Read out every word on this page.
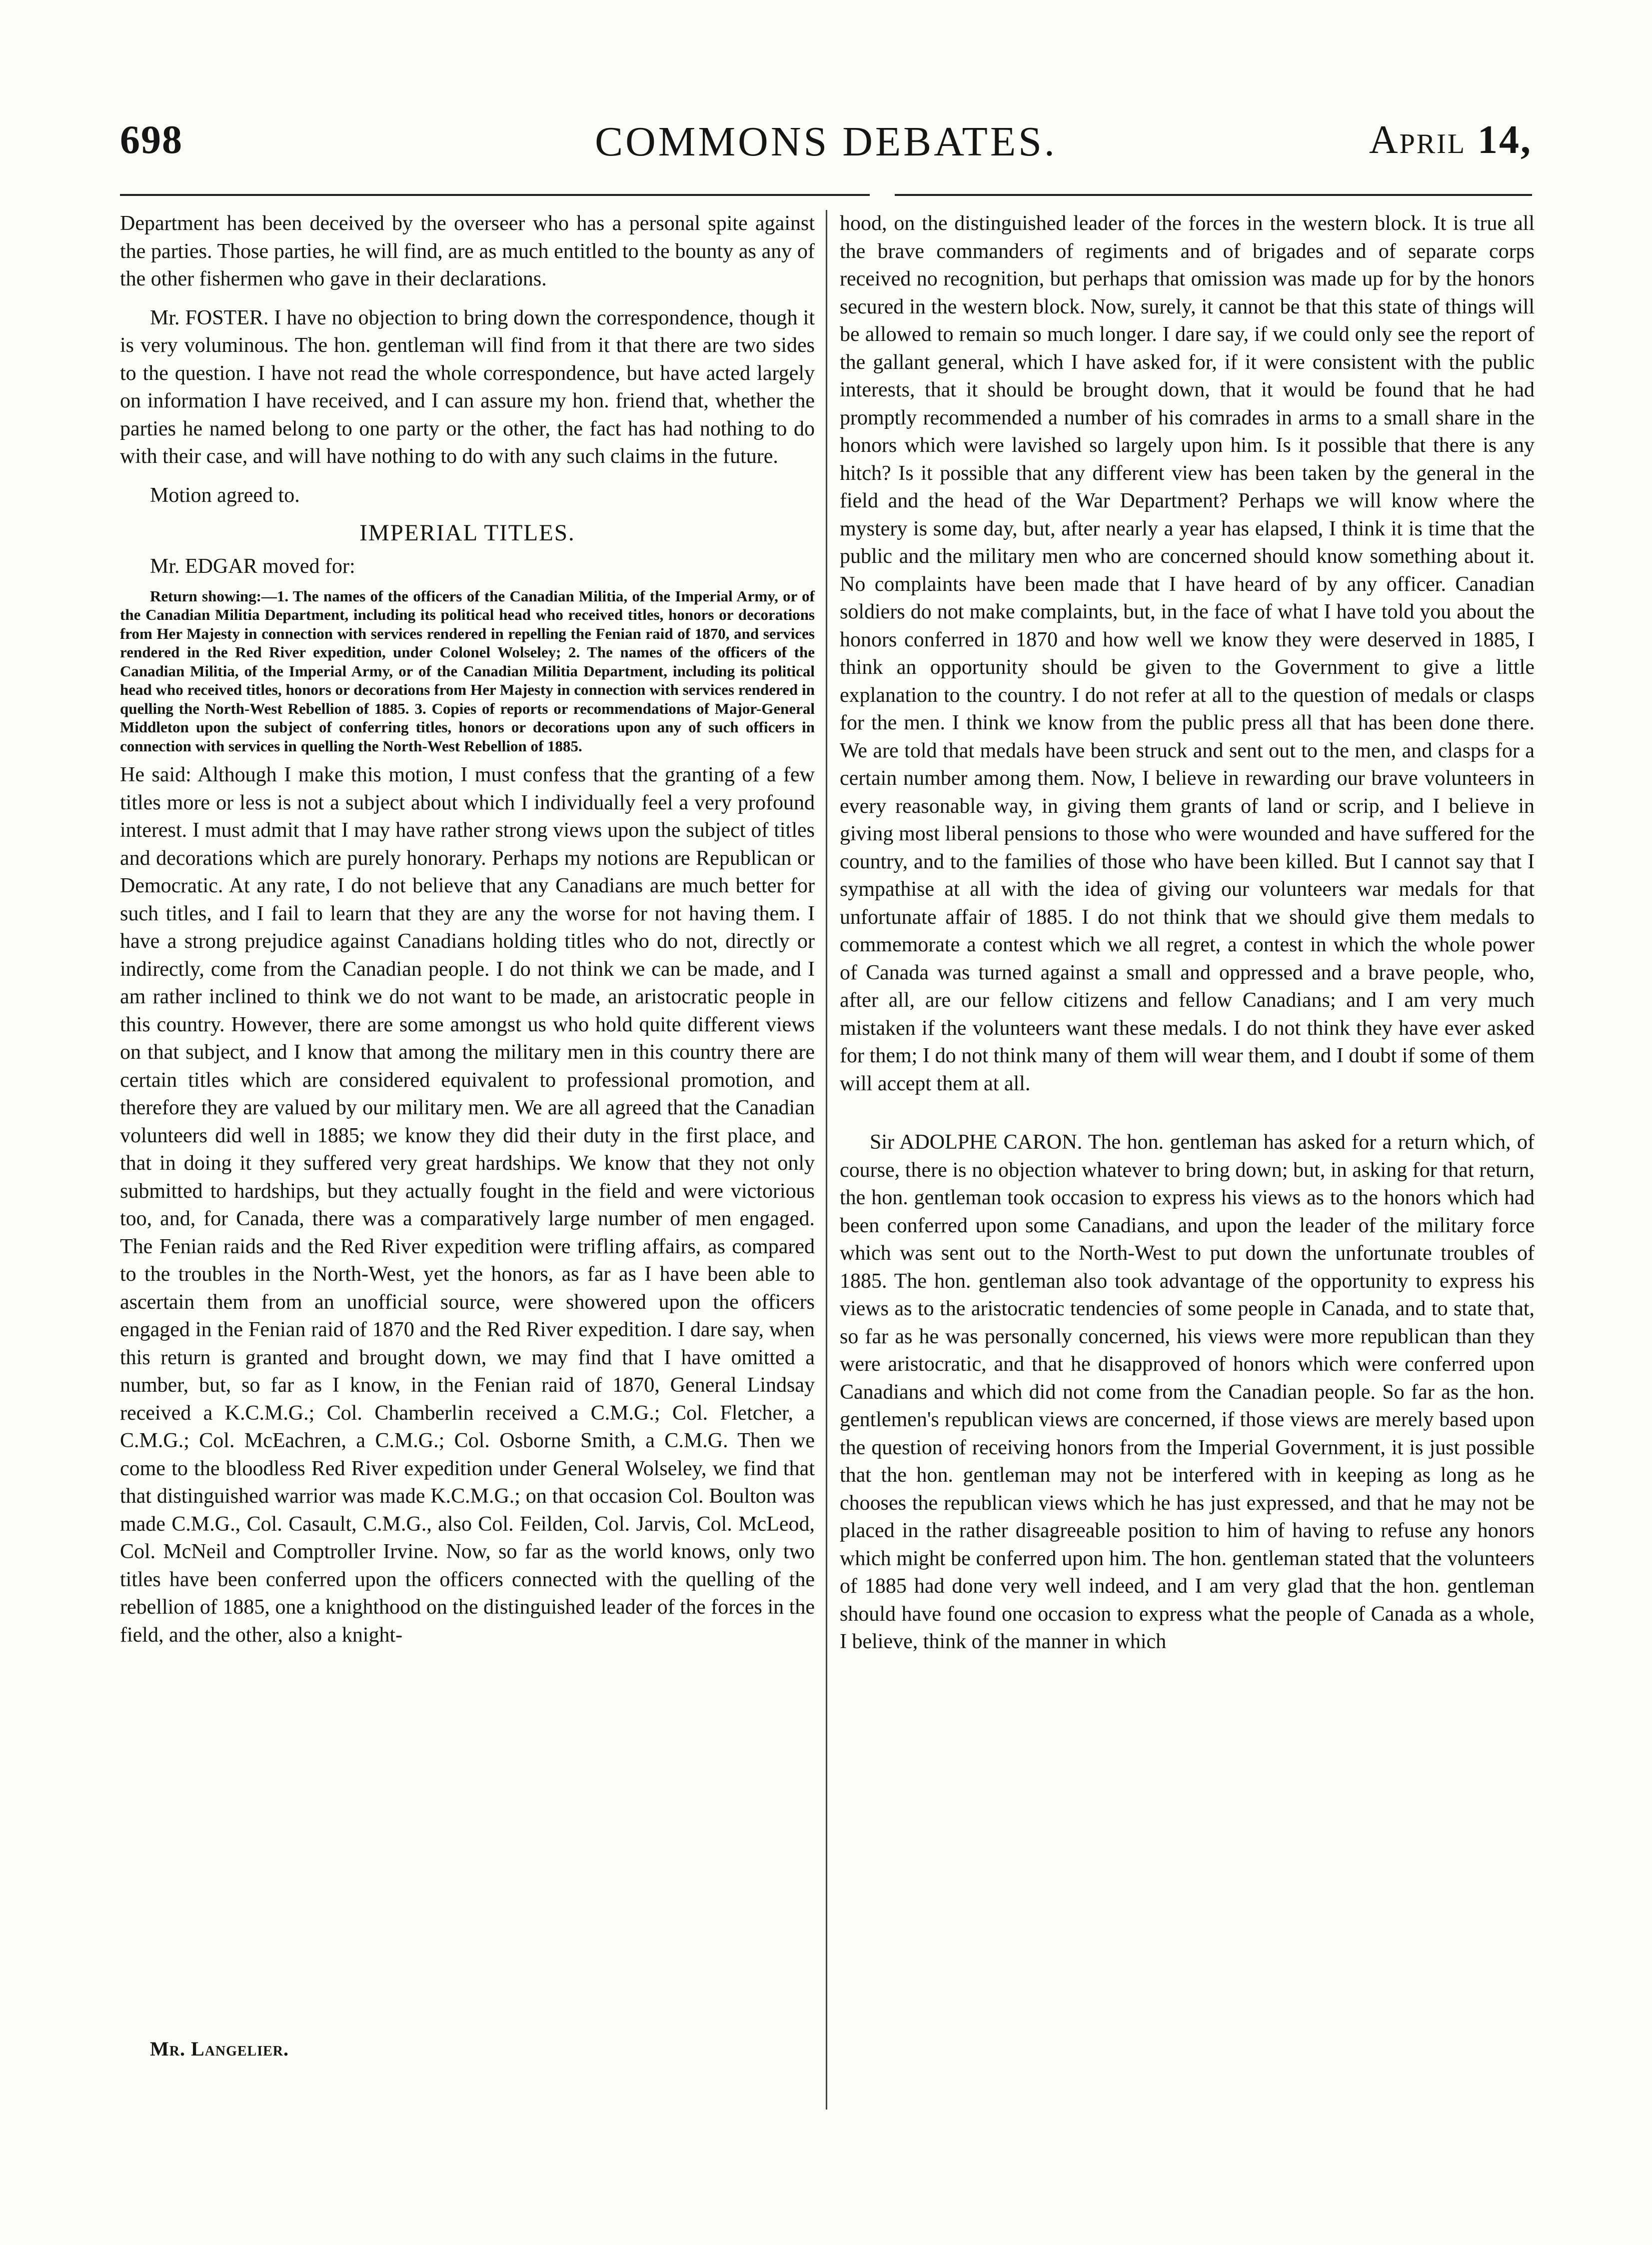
698	COMMONS DEBATES.	April 14,

Department has been deceived by the overseer who has a personal spite against the parties. Those parties, he will find, are as much entitled to the bounty as any of the other fishermen who gave in their declarations.

Mr. FOSTER. I have no objection to bring down the correspondence, though it is very voluminous. The hon. gentleman will find from it that there are two sides to the question. I have not read the whole correspondence, but have acted largely on information I have received, and I can assure my hon. friend that, whether the parties he named belong to one party or the other, the fact has had nothing to do with their case, and will have nothing to do with any such claims in the future.

Motion agreed to.

IMPERIAL TITLES.

Mr. EDGAR moved for:

Return showing:—1. The names of the officers of the Canadian Militia, of the Imperial Army, or of the Canadian Militia Department, including its political head who received titles, honors or decorations from Her Majesty in connection with services rendered in repelling the Fenian raid of 1870, and services rendered in the Red River expedition, under Colonel Wolseley; 2. The names of the officers of the Canadian Militia, of the Imperial Army, or of the Canadian Militia Department, including its political head who received titles, honors or decorations from Her Majesty in connection with services rendered in quelling the North-West Rebellion of 1885. 3. Copies of reports or recommendations of Major-General Middleton upon the subject of conferring titles, honors or decorations upon any of such officers in connection with services in quelling the North-West Rebellion of 1885.

He said: Although I make this motion, I must confess that the granting of a few titles more or less is not a subject about which I individually feel a very profound interest. I must admit that I may have rather strong views upon the subject of titles and decorations which are purely honorary. Perhaps my notions are Republican or Democratic. At any rate, I do not believe that any Canadians are much better for such titles, and I fail to learn that they are any the worse for not having them. I have a strong prejudice against Canadians holding titles who do not, directly or indirectly, come from the Canadian people. I do not think we can be made, and I am rather inclined to think we do not want to be made, an aristocratic people in this country. However, there are some amongst us who hold quite different views on that subject, and I know that among the military men in this country there are certain titles which are considered equivalent to professional promotion, and therefore they are valued by our military men. We are all agreed that the Canadian volunteers did well in 1885; we know they did their duty in the first place, and that in doing it they suffered very great hardships. We know that they not only submitted to hardships, but they actually fought in the field and were victorious too, and, for Canada, there was a comparatively large number of men engaged. The Fenian raids and the Red River expedition were trifling affairs, as compared to the troubles in the North-West, yet the honors, as far as I have been able to ascertain them from an unofficial source, were showered upon the officers engaged in the Fenian raid of 1870 and the Red River expedition. I dare say, when this return is granted and brought down, we may find that I have omitted a number, but, so far as I know, in the Fenian raid of 1870, General Lindsay received a K.C.M.G.; Col. Chamberlin received a C.M.G.; Col. Fletcher, a C.M.G.; Col. McEachren, a C.M.G.; Col. Osborne Smith, a C.M.G. Then we come to the bloodless Red River expedition under General Wolseley, we find that that distinguished warrior was made K.C.M.G.; on that occasion Col. Boulton was made C.M.G., Col. Casault, C.M.G., also Col. Feilden, Col. Jarvis, Col. McLeod, Col. McNeil and Comptroller Irvine. Now, so far as the world knows, only two titles have been conferred upon the officers connected with the quelling of the rebellion of 1885, one a knighthood on the distinguished leader of the forces in the field, and the other, also a knight-

hood, on the distinguished leader of the forces in the western block. It is true all the brave commanders of regiments and of brigades and of separate corps received no recognition, but perhaps that omission was made up for by the honors secured in the western block. Now, surely, it cannot be that this state of things will be allowed to remain so much longer. I dare say, if we could only see the report of the gallant general, which I have asked for, if it were consistent with the public interests, that it should be brought down, that it would be found that he had promptly recommended a number of his comrades in arms to a small share in the honors which were lavished so largely upon him. Is it possible that there is any hitch? Is it possible that any different view has been taken by the general in the field and the head of the War Department? Perhaps we will know where the mystery is some day, but, after nearly a year has elapsed, I think it is time that the public and the military men who are concerned should know something about it. No complaints have been made that I have heard of by any officer. Canadian soldiers do not make complaints, but, in the face of what I have told you about the honors conferred in 1870 and how well we know they were deserved in 1885, I think an opportunity should be given to the Government to give a little explanation to the country. I do not refer at all to the question of medals or clasps for the men. I think we know from the public press all that has been done there. We are told that medals have been struck and sent out to the men, and clasps for a certain number among them. Now, I believe in rewarding our brave volunteers in every reasonable way, in giving them grants of land or scrip, and I believe in giving most liberal pensions to those who were wounded and have suffered for the country, and to the families of those who have been killed. But I cannot say that I sympathise at all with the idea of giving our volunteers war medals for that unfortunate affair of 1885. I do not think that we should give them medals to commemorate a contest which we all regret, a contest in which the whole power of Canada was turned against a small and oppressed and a brave people, who, after all, are our fellow citizens and fellow Canadians; and I am very much mistaken if the volunteers want these medals. I do not think they have ever asked for them; I do not think many of them will wear them, and I doubt if some of them will accept them at all.

Sir ADOLPHE CARON. The hon. gentleman has asked for a return which, of course, there is no objection whatever to bring down; but, in asking for that return, the hon. gentleman took occasion to express his views as to the honors which had been conferred upon some Canadians, and upon the leader of the military force which was sent out to the North-West to put down the unfortunate troubles of 1885. The hon. gentleman also took advantage of the opportunity to express his views as to the aristocratic tendencies of some people in Canada, and to state that, so far as he was personally concerned, his views were more republican than they were aristocratic, and that he disapproved of honors which were conferred upon Canadians and which did not come from the Canadian people. So far as the hon. gentlemen's republican views are concerned, if those views are merely based upon the question of receiving honors from the Imperial Government, it is just possible that the hon. gentleman may not be interfered with in keeping as long as he chooses the republican views which he has just expressed, and that he may not be placed in the rather disagreeable position to him of having to refuse any honors which might be conferred upon him. The hon. gentleman stated that the volunteers of 1885 had done very well indeed, and I am very glad that the hon. gentleman should have found one occasion to express what the people of Canada as a whole, I believe, think of the manner in which

Mr. Langelier.
